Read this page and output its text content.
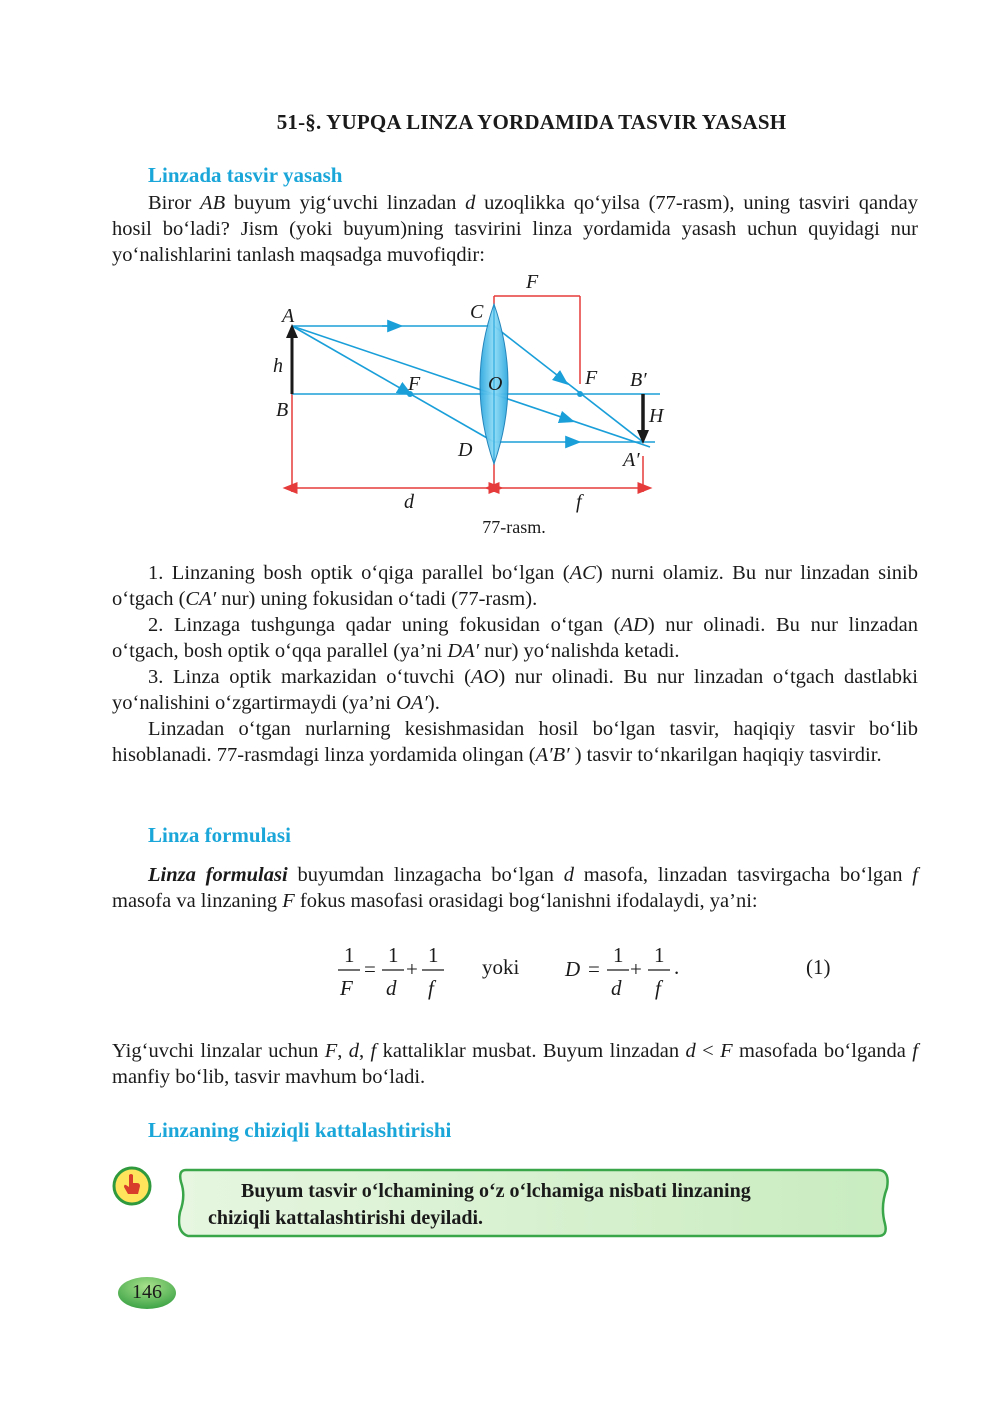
51-§. YUPQA LINZA YORDAMIDA TASVIR YASASH
Linzada tasvir yasash

Biror AB buyum yig‘uvchi linzadan d uzoqlikka qo‘yilsa (77-rasm), uning tasviri qanday hosil bo‘ladi? Jism (yoki buyum)ning tasvirini linza yordamida yasash uchun quyidagi nur yo‘nalishlarini tanlash maqsadga muvofiqdir:

F
A	C
h
F	O	F B′
B	H
D	A′
d	f
77-rasm.

1. Linzaning bosh optik o‘qiga parallel bo‘lgan (AC) nurni olamiz. Bu nur linzadan sinib o‘tgach (CA′ nur) uning fokusidan o‘tadi (77-rasm).

2. Linzaga tushgunga qadar uning fokusidan o‘tgan (AD) nur olinadi. Bu nur linzadan o‘tgach, bosh optik o‘qqa parallel (ya’ni DA′ nur) yo‘nalishda ketadi.

3. Linza optik markazidan o‘tuvchi (AO) nur olinadi. Bu nur linzadan o‘tgach dastlabki yo‘nalishini o‘zgartirmaydi (ya’ni OA′).

Linzadan o‘tgan nurlarning kesishmasidan hosil bo‘lgan tasvir, haqiqiy tasvir bo‘lib hisoblanadi. 77-rasmdagi linza yordamida olingan (A′B′ ) tasvir to‘nkarilgan haqiqiy tasvirdir.

Linza formulasi

Linza formulasi buyumdan linzagacha bo‘lgan d masofa, linzadan tasvirgacha bo‘lgan f masofa va linzaning F fokus masofasi orasidagi bog‘lanishni ifodalaydi, ya’ni:

1
F
=
1
d
+
1
f
yoki D =
1
d
+
1
f
.	(1)

Yig‘uvchi linzalar uchun F, d, f kattaliklar musbat. Buyum linzadan d < F masofada bo‘lganda f manfiy bo‘lib, tasvir mavhum bo‘ladi.

Linzaning chiziqli kattalashtirishi
Buyum tasvir o‘lchamining o‘z o‘lchamiga nisbati linzaning
chiziqli kattalashtirishi deyiladi.
146
